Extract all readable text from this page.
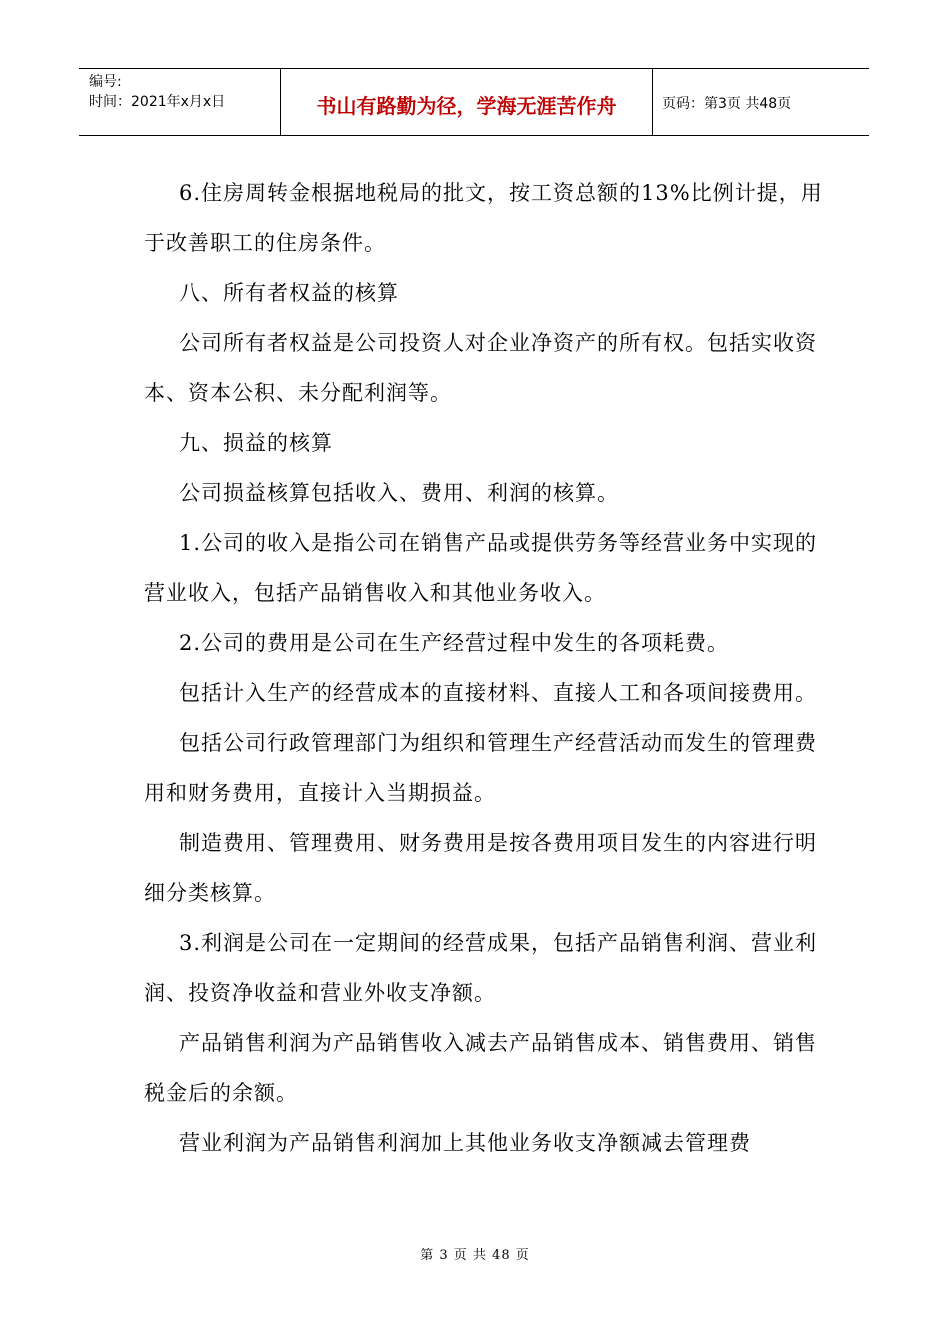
编号:
时间：2021年x月x日	书山有路勤为径，学海无涯苦作舟	页码：第3页 共48页

6.住房周转金根据地税局的批文，按工资总额的13%比例计提，用于改善职工的住房条件。

八、所有者权益的核算

公司所有者权益是公司投资人对企业净资产的所有权。包括实收资本、资本公积、未分配利润等。

九、损益的核算

公司损益核算包括收入、费用、利润的核算。

1.公司的收入是指公司在销售产品或提供劳务等经营业务中实现的营业收入，包括产品销售收入和其他业务收入。

2.公司的费用是公司在生产经营过程中发生的各项耗费。

包括计入生产的经营成本的直接材料、直接人工和各项间接费用。

包括公司行政管理部门为组织和管理生产经营活动而发生的管理费用和财务费用，直接计入当期损益。

制造费用、管理费用、财务费用是按各费用项目发生的内容进行明细分类核算。

3.利润是公司在一定期间的经营成果，包括产品销售利润、营业利润、投资净收益和营业外收支净额。

产品销售利润为产品销售收入减去产品销售成本、销售费用、销售税金后的余额。

营业利润为产品销售利润加上其他业务收支净额减去管理费

第 3 页 共 48 页
